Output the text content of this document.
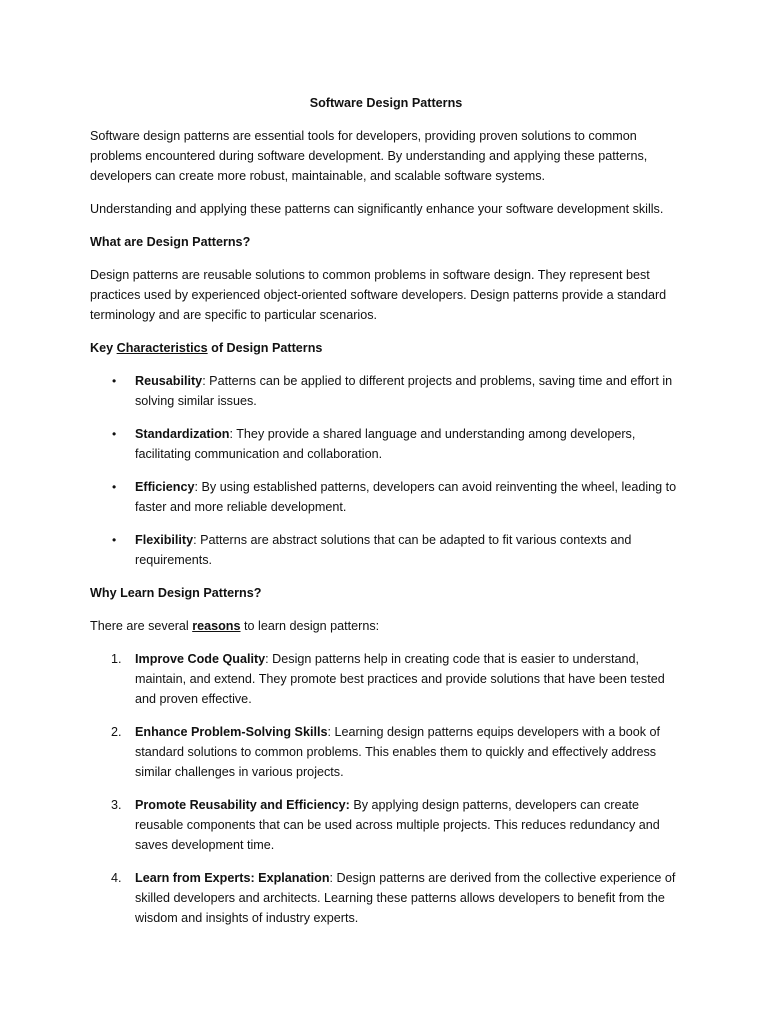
Software Design Patterns

Software design patterns are essential tools for developers, providing proven solutions to common problems encountered during software development. By understanding and applying these patterns, developers can create more robust, maintainable, and scalable software systems.

Understanding and applying these patterns can significantly enhance your software development skills.

What are Design Patterns?

Design patterns are reusable solutions to common problems in software design. They represent best practices used by experienced object-oriented software developers. Design patterns provide a standard terminology and are specific to particular scenarios.

Key Characteristics of Design Patterns
• Reusability: Patterns can be applied to different projects and problems, saving time and effort in solving similar issues.
• Standardization: They provide a shared language and understanding among developers, facilitating communication and collaboration.
• Efficiency: By using established patterns, developers can avoid reinventing the wheel, leading to faster and more reliable development.
• Flexibility: Patterns are abstract solutions that can be adapted to fit various contexts and requirements.
Why Learn Design Patterns?

There are several reasons to learn design patterns:

1. Improve Code Quality: Design patterns help in creating code that is easier to understand, maintain, and extend. They promote best practices and provide solutions that have been tested and proven effective.
2. Enhance Problem-Solving Skills: Learning design patterns equips developers with a book of standard solutions to common problems. This enables them to quickly and effectively address similar challenges in various projects.
3. Promote Reusability and Efficiency: By applying design patterns, developers can create reusable components that can be used across multiple projects. This reduces redundancy and saves development time.
4. Learn from Experts: Explanation: Design patterns are derived from the collective experience of skilled developers and architects. Learning these patterns allows developers to benefit from the wisdom and insights of industry experts.
